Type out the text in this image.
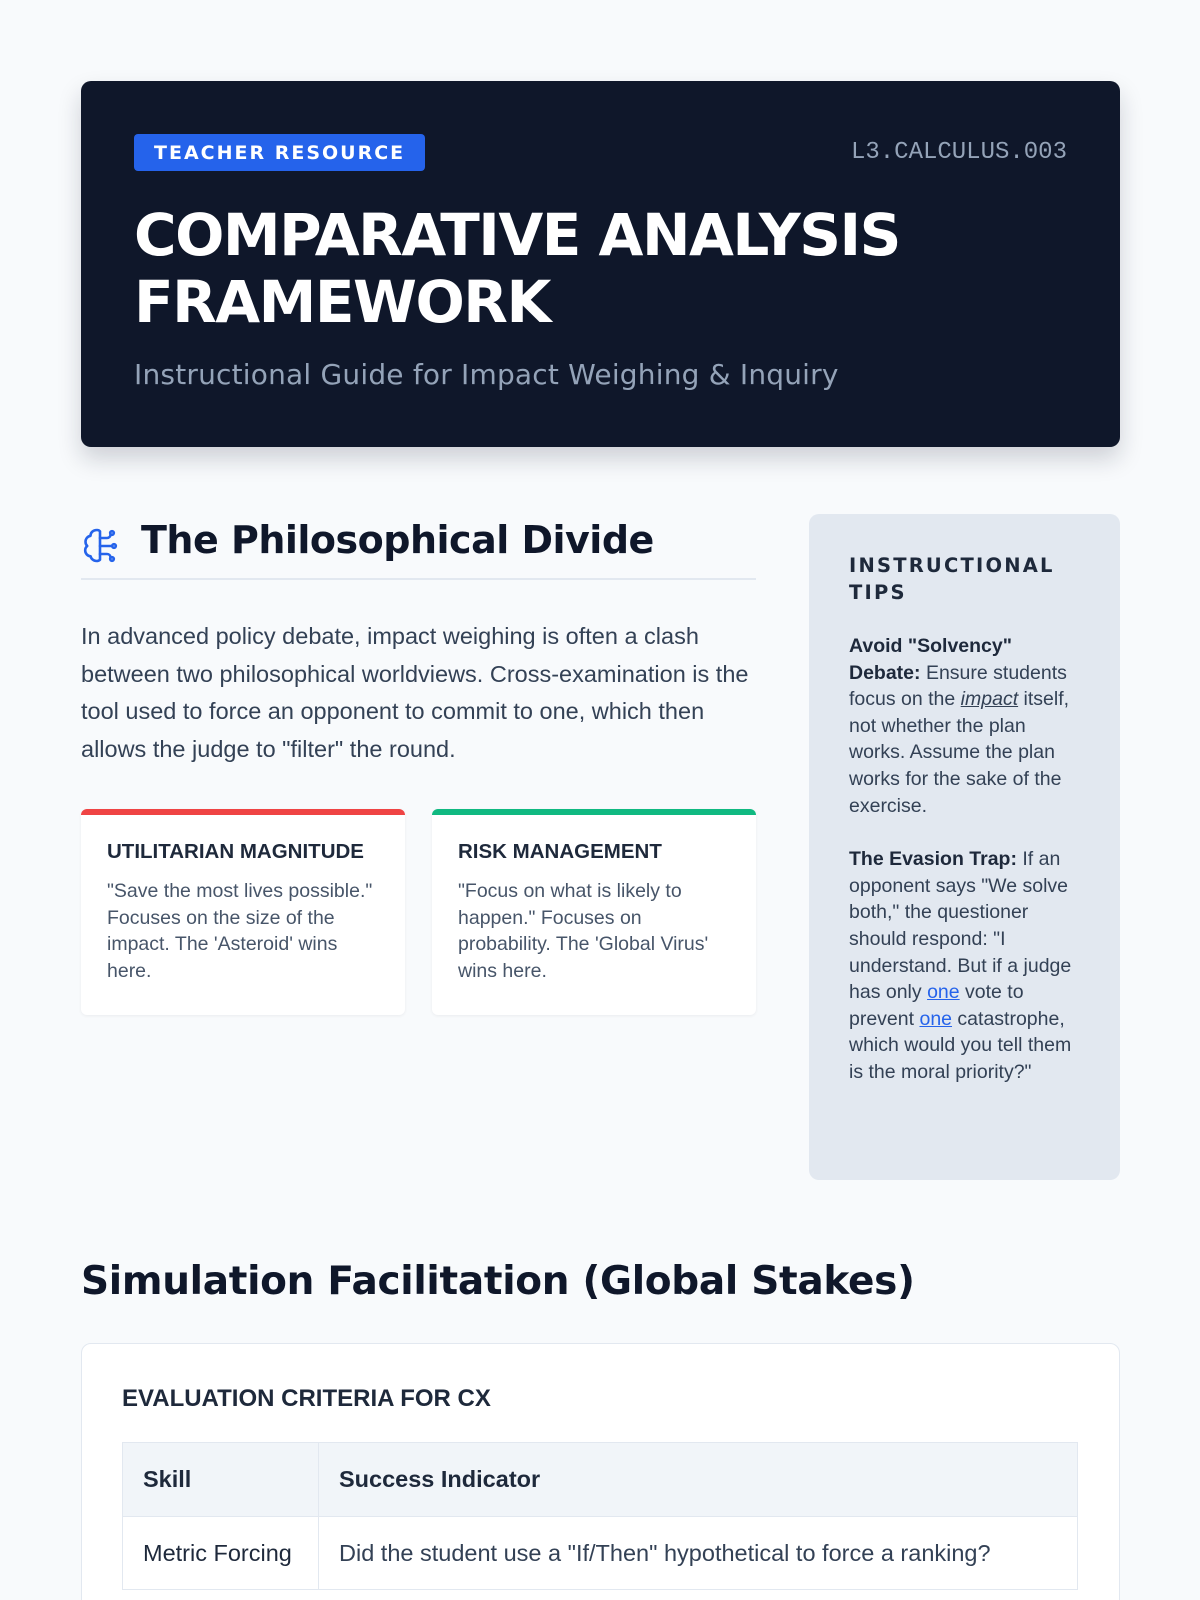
TEACHER RESOURCE	L3.CALCULUS.003
COMPARATIVE ANALYSIS
FRAMEWORK
Instructional Guide for Impact Weighing & Inquiry
The Philosophical Divide

In advanced policy debate, impact weighing is often a clash between two philosophical worldviews. Cross-examination is the tool used to force an opponent to commit to one, which then allows the judge to "filter" the round.

UTILITARIAN MAGNITUDE

"Save the most lives possible." Focuses on the size of the impact. The 'Asteroid' wins here.

RISK MANAGEMENT

"Focus on what is likely to happen." Focuses on probability. The 'Global Virus' wins here.

INSTRUCTIONAL TIPS

Avoid "Solvency" Debate: Ensure students focus on the impact itself, not whether the plan works. Assume the plan works for the sake of the exercise.

The Evasion Trap: If an opponent says "We solve both," the questioner should respond: "I understand. But if a judge has only one vote to prevent one catastrophe, which would you tell them is the moral priority?"

Simulation Facilitation (Global Stakes)
EVALUATION CRITERIA FOR CX
Skill	Success Indicator
Metric Forcing	Did the student use a "If/Then" hypothetical to force a ranking?
